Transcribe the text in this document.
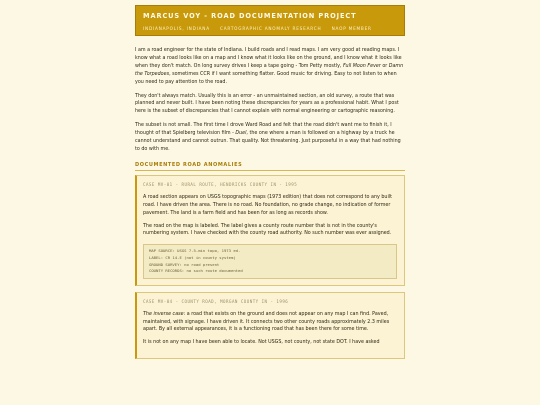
MARCUS VOY - ROAD DOCUMENTATION PROJECT
INDIANAPOLIS, INDIANA CARTOGRAPHIC ANOMALY RESEARCH NAOP MEMBER

I am a road engineer for the state of Indiana. I build roads and I read maps. I am very good at reading maps. I know what a road looks like on a map and I know what it looks like on the ground, and I know what it looks like when they don't match. On long survey drives I keep a tape going - Tom Petty mostly, Full Moon Fever or Damn the Torpedoes, sometimes CCR if I want something flatter. Good music for driving. Easy to not listen to when you need to pay attention to the road.

They don't always match. Usually this is an error - an unmaintained section, an old survey, a route that was planned and never built. I have been noting these discrepancies for years as a professional habit. What I post here is the subset of discrepancies that I cannot explain with normal engineering or cartographic reasoning.

The subset is not small. The first time I drove Ward Road and felt that the road didn't want me to finish it, I thought of that Spielberg television film - Duel, the one where a man is followed on a highway by a truck he cannot understand and cannot outrun. That quality. Not threatening. Just purposeful in a way that had nothing to do with me.

DOCUMENTED ROAD ANOMALIES
CASE MV-01 - RURAL ROUTE, HENDRICKS COUNTY IN - 1995

A road section appears on USGS topographic maps (1973 edition) that does not correspond to any built road. I have driven the area. There is no road. No foundation, no grade change, no indication of former pavement. The land is a farm field and has been for as long as records show.

The road on the map is labeled. The label gives a county route number that is not in the county's numbering system. I have checked with the county road authority. No such number was ever assigned.

MAP SOURCE: USGS 7.5-min topo, 1973 ed.
LABEL: CR 14-E (not in county system)
GROUND SURVEY: no road present
COUNTY RECORDS: no such route documented
CASE MV-04 - COUNTY ROAD, MORGAN COUNTY IN - 1996

The inverse case: a road that exists on the ground and does not appear on any map I can find. Paved, maintained, with signage. I have driven it. It connects two other county roads approximately 2.3 miles apart. By all external appearances, it is a functioning road that has been there for some time.

It is not on any map I have been able to locate. Not USGS, not county, not state DOT. I have asked
